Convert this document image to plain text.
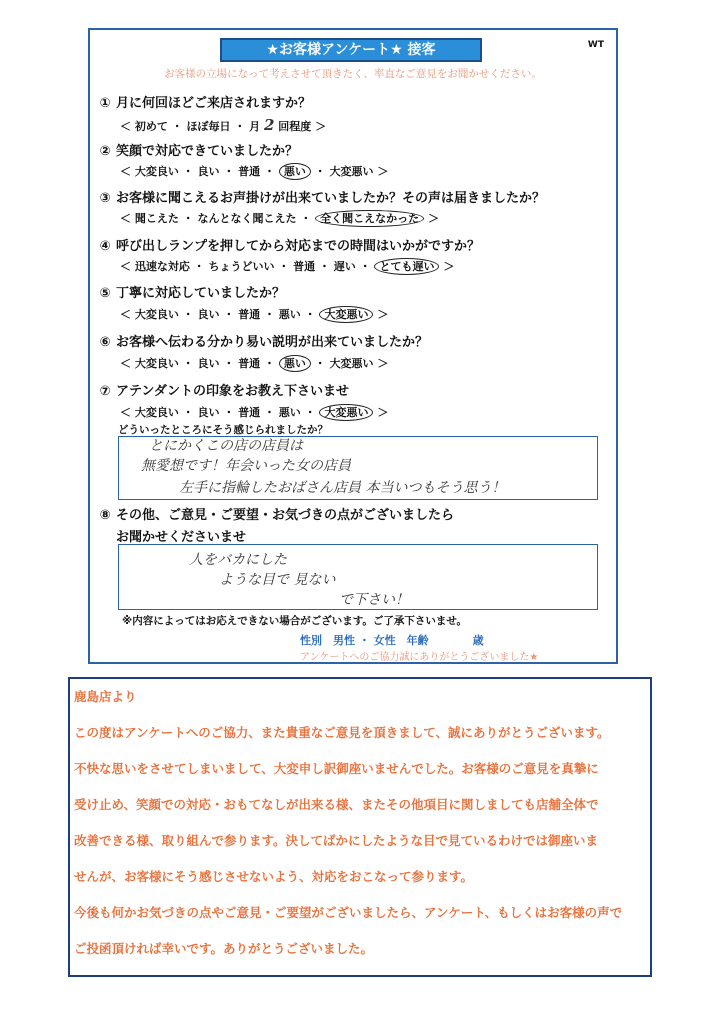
★お客様アンケート★ 接客	WT
お客様の立場になって考えさせて頂きたく、率直なご意見をお聞かせください。
① 月に何回ほどご来店されますか？
＜ 初めて ・ ほぼ毎日 ・ 月 2 回程度 ＞
② 笑顔で対応できていましたか？
＜ 大変良い ・ 良い ・ 普通 ・ 悪い ・ 大変悪い ＞
③ お客様に聞こえるお声掛けが出来ていましたか？その声は届きましたか？
＜ 聞こえた ・ なんとなく聞こえた ・ 全く聞こえなかった ＞
④ 呼び出しランプを押してから対応までの時間はいかがですか？
＜ 迅速な対応 ・ ちょうどいい ・ 普通 ・ 遅い ・ とても遅い ＞
⑤ 丁寧に対応していましたか？
＜ 大変良い ・ 良い ・ 普通 ・ 悪い ・ 大変悪い ＞
⑥ お客様へ伝わる分かり易い説明が出来ていましたか？
＜ 大変良い ・ 良い ・ 普通 ・ 悪い ・ 大変悪い ＞
⑦ アテンダントの印象をお教え下さいませ
＜ 大変良い ・ 良い ・ 普通 ・ 悪い ・ 大変悪い ＞
どういったところにそう感じられましたか？
とにかくこの店の店員は
無愛想です！年会いった女の店員
左手に指輪したおばさん店員 本当いつもそう思う！
⑧ その他、ご意見・ご要望・お気づきの点がございましたら
お聞かせくださいませ
人をバカにした
ような目で 見ない
で下さい！
※内容によってはお応えできない場合がございます。ご了承下さいませ。
性別　男性 ・ 女性　年齢　　　　歳
アンケートへのご協力誠にありがとうございました★
鹿島店より
この度はアンケートへのご協力、また貴重なご意見を頂きまして、誠にありがとうございます。
不快な思いをさせてしまいまして、大変申し訳御座いませんでした。お客様のご意見を真摯に
受け止め、笑顔での対応・おもてなしが出来る様、またその他項目に関しましても店舗全体で
改善できる様、取り組んで参ります。決してばかにしたような目で見ているわけでは御座いま
せんが、お客様にそう感じさせないよう、対応をおこなって参ります。
今後も何かお気づきの点やご意見・ご要望がございましたら、アンケート、もしくはお客様の声で
ご投函頂ければ幸いです。ありがとうございました。
